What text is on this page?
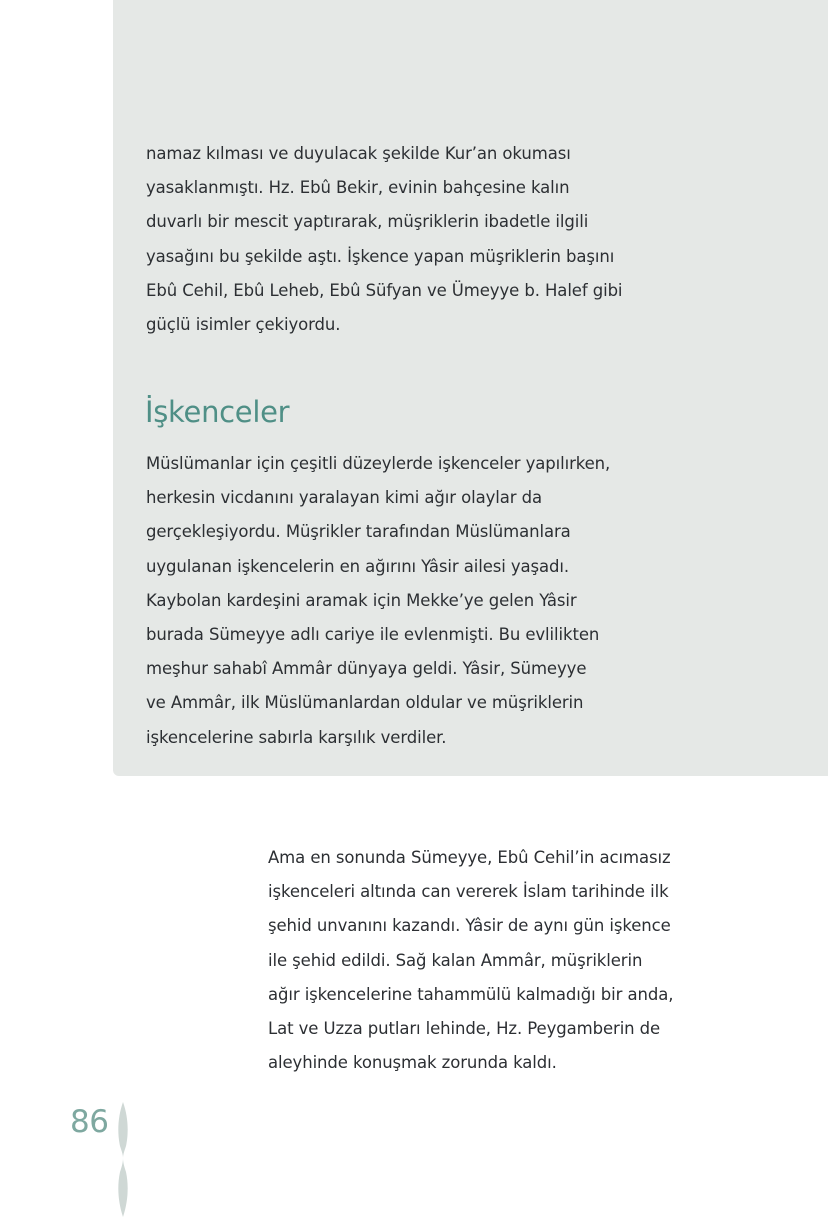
namaz kılması ve duyulacak şekilde Kur’an okuması
yasaklanmıştı. Hz. Ebû Bekir, evinin bahçesine kalın
duvarlı bir mescit yaptırarak, müşriklerin ibadetle ilgili
yasağını bu şekilde aştı. İşkence yapan müşriklerin başını
Ebû Cehil, Ebû Leheb, Ebû Süfyan ve Ümeyye b. Halef gibi
güçlü isimler çekiyordu.

İşkenceler

Müslümanlar için çeşitli düzeylerde işkenceler yapılırken,
herkesin vicdanını yaralayan kimi ağır olaylar da
gerçekleşiyordu. Müşrikler tarafından Müslümanlara
uygulanan işkencelerin en ağırını Yâsir ailesi yaşadı.
Kaybolan kardeşini aramak için Mekke’ye gelen Yâsir
burada Sümeyye adlı cariye ile evlenmişti. Bu evlilikten
meşhur sahabî Ammâr dünyaya geldi. Yâsir, Sümeyye
ve Ammâr, ilk Müslümanlardan oldular ve müşriklerin
işkencelerine sabırla karşılık verdiler.

Ama en sonunda Sümeyye, Ebû Cehil’in acımasız
işkenceleri altında can vererek İslam tarihinde ilk
şehid unvanını kazandı. Yâsir de aynı gün işkence
ile şehid edildi. Sağ kalan Ammâr, müşriklerin
ağır işkencelerine tahammülü kalmadığı bir anda,
Lat ve Uzza putları lehinde, Hz. Peygamberin de
aleyhinde konuşmak zorunda kaldı.

86
